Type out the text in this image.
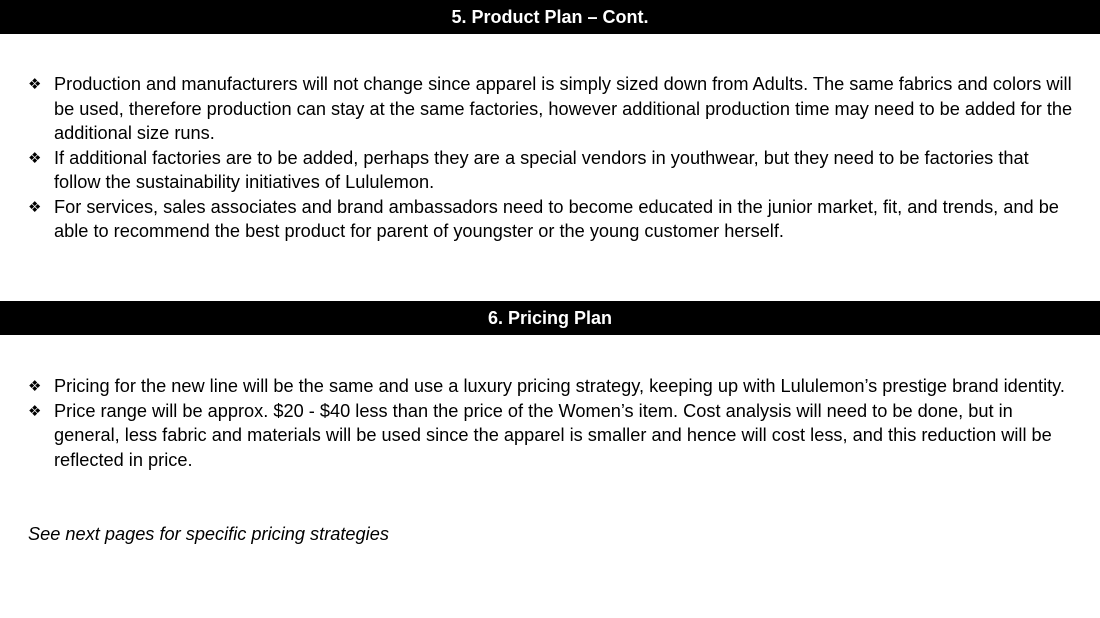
5. Product Plan – Cont.
❖ Production and manufacturers will not change since apparel is simply sized down from Adults. The same fabrics and colors will be used, therefore production can stay at the same factories, however additional production time may need to be added for the additional size runs.
❖ If additional factories are to be added, perhaps they are a special vendors in youthwear, but they need to be factories that follow the sustainability initiatives of Lululemon.
❖ For services, sales associates and brand ambassadors need to become educated in the junior market, fit, and trends, and be able to recommend the best product for parent of youngster or the young customer herself.
6. Pricing Plan
❖ Pricing for the new line will be the same and use a luxury pricing strategy, keeping up with Lululemon’s prestige brand identity.
❖ Price range will be approx. $20 - $40 less than the price of the Women’s item. Cost analysis will need to be done, but in general, less fabric and materials will be used since the apparel is smaller and hence will cost less, and this reduction will be reflected in price.
See next pages for specific pricing strategies
